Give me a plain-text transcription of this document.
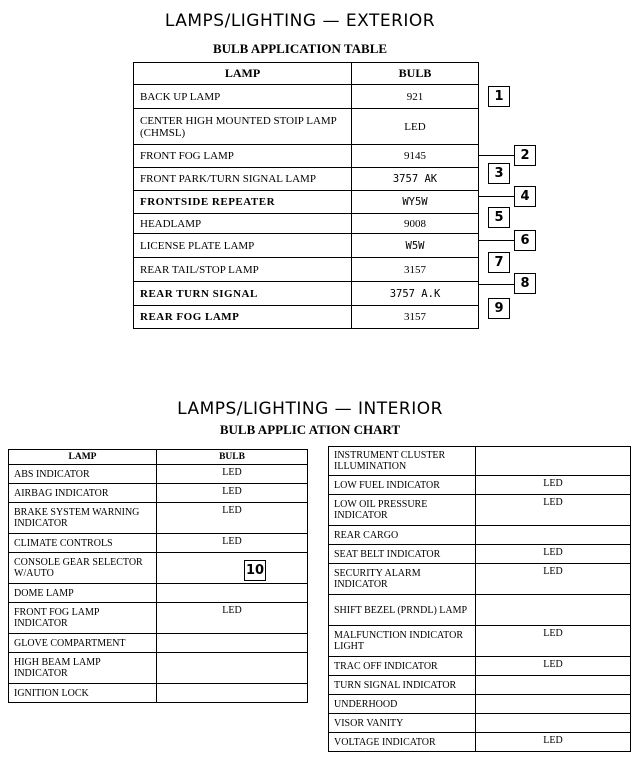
LAMPS/LIGHTING — EXTERIOR
BULB APPLICATION TABLE
LAMP	BULB
BACK UP LAMP	921
CENTER HIGH MOUNTED STOIP LAMP (CHMSL)	LED
FRONT FOG LAMP	9145
FRONT PARK/TURN SIGNAL LAMP	3757 AK
FRONTSIDE REPEATER	WY5W
HEADLAMP	9008
LICENSE PLATE LAMP	W5W
REAR TAIL/STOP LAMP	3157
REAR TURN SIGNAL	3757 A.K
REAR FOG LAMP	3157
1
2
3
4
5
6
7
8
9
LAMPS/LIGHTING — INTERIOR
BULB APPLIC ATION CHART
LAMP	BULB
ABS INDICATOR	LED
AIRBAG INDICATOR	LED
BRAKE SYSTEM WARNING INDICATOR	LED
CLIMATE CONTROLS	LED
CONSOLE GEAR SELECTOR W/AUTO	
DOME LAMP	
FRONT FOG LAMP INDICATOR	LED
GLOVE COMPARTMENT	
HIGH BEAM LAMP INDICATOR	
IGNITION LOCK	
10
INSTRUMENT CLUSTER ILLUMINATION	
LOW FUEL INDICATOR	LED
LOW OIL PRESSURE INDICATOR	LED
REAR CARGO	
SEAT BELT INDICATOR	LED
SECURITY ALARM INDICATOR	LED
SHIFT BEZEL (PRNDL) LAMP	
MALFUNCTION INDICATOR LIGHT	LED
TRAC OFF INDICATOR	LED
TURN SIGNAL INDICATOR	
UNDERHOOD	
VISOR VANITY	
VOLTAGE INDICATOR	LED
